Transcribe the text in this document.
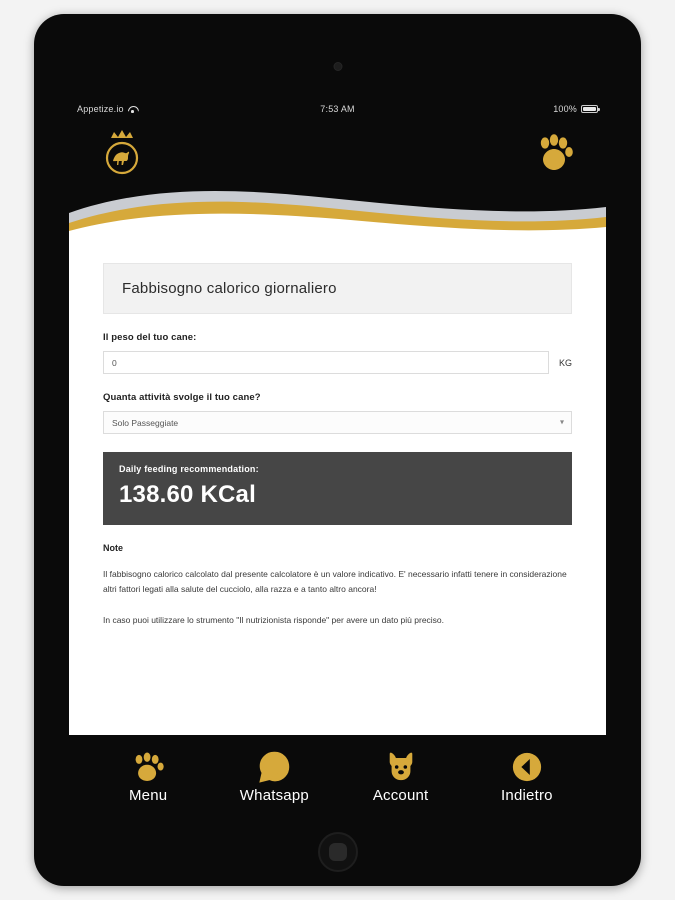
Appetize.io	7:53 AM	100%
Fabbisogno calorico giornaliero
Il peso del tuo cane:
0
KG
Quanta attività svolge il tuo cane?
Solo Passeggiate
▾
Daily feeding recommendation:
138.60 KCal
Note
Il fabbisogno calorico calcolato dal presente calcolatore è un valore indicativo. E' necessario infatti tenere in considerazione altri fattori legati alla salute del cucciolo, alla razza e a tanto altro ancora!
In caso puoi utilizzare lo strumento "Il nutrizionista risponde" per avere un dato più preciso.
Menu	Whatsapp	Account	Indietro
